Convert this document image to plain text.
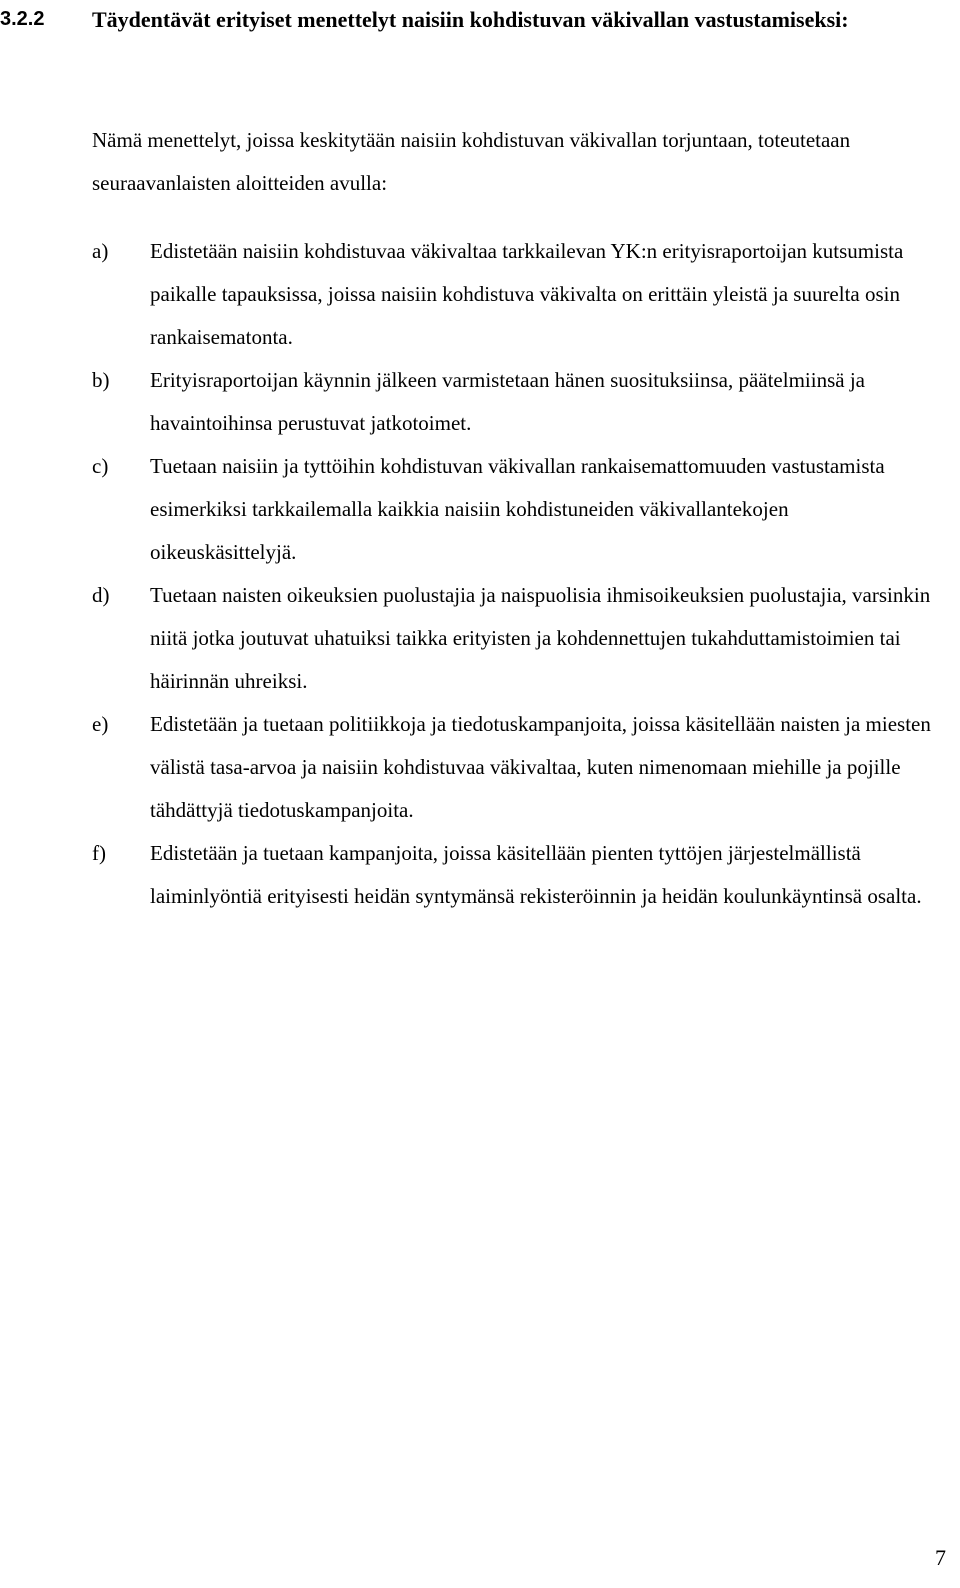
3.2.2 Täydentävät erityiset menettelyt naisiin kohdistuvan väkivallan vastustamiseksi:

Nämä menettelyt, joissa keskitytään naisiin kohdistuvan väkivallan torjuntaan, toteutetaan seuraavanlaisten aloitteiden avulla:

a) Edistetään naisiin kohdistuvaa väkivaltaa tarkkailevan YK:n erityisraportoijan kutsumista paikalle tapauksissa, joissa naisiin kohdistuva väkivalta on erittäin yleistä ja suurelta osin rankaisematonta.
b) Erityisraportoijan käynnin jälkeen varmistetaan hänen suosituksiinsa, päätelmiinsä ja havaintoihinsa perustuvat jatkotoimet.
c) Tuetaan naisiin ja tyttöihin kohdistuvan väkivallan rankaisemattomuuden vastustamista esimerkiksi tarkkailemalla kaikkia naisiin kohdistuneiden väkivallantekojen oikeuskäsittelyjä.
d) Tuetaan naisten oikeuksien puolustajia ja naispuolisia ihmisoikeuksien puolustajia, varsinkin niitä jotka joutuvat uhatuiksi taikka erityisten ja kohdennettujen tukahduttamistoimien tai häirinnän uhreiksi.
e) Edistetään ja tuetaan politiikkoja ja tiedotuskampanjoita, joissa käsitellään naisten ja miesten välistä tasa-arvoa ja naisiin kohdistuvaa väkivaltaa, kuten nimenomaan miehille ja pojille tähdättyjä tiedotuskampanjoita.
f) Edistetään ja tuetaan kampanjoita, joissa käsitellään pienten tyttöjen järjestelmällistä laiminlyöntiä erityisesti heidän syntymänsä rekisteröinnin ja heidän koulunkäyntinsä osalta.
7
